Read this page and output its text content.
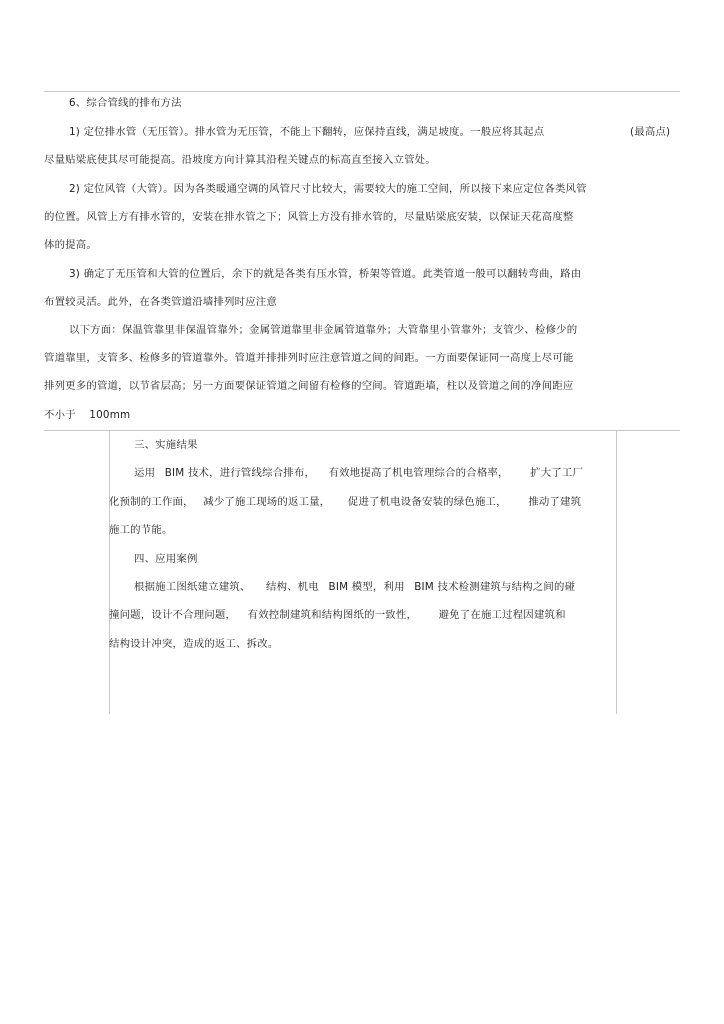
6、综合管线的排布方法
1) 定位排水管（无压管）。排水管为无压管，不能上下翻转，应保持直线，满足坡度。一般应将其起点	(最高点)
尽量贴梁底使其尽可能提高。沿坡度方向计算其沿程关键点的标高直至接入立管处。
2) 定位风管（大管）。因为各类暖通空调的风管尺寸比较大，需要较大的施工空间，所以接下来应定位各类风管
的位置。风管上方有排水管的，安装在排水管之下；风管上方没有排水管的，尽量贴梁底安装，以保证天花高度整
体的提高。
3) 确定了无压管和大管的位置后，余下的就是各类有压水管，桥架等管道。此类管道一般可以翻转弯曲，路由
布置较灵活。此外，在各类管道沿墙排列时应注意
以下方面：保温管靠里非保温管靠外；金属管道靠里非金属管道靠外；大管靠里小管靠外；支管少、检修少的
管道靠里，支管多、检修多的管道靠外。管道并排排列时应注意管道之间的间距。一方面要保证同一高度上尽可能
排列更多的管道，以节省层高；另一方面要保证管道之间留有检修的空间。管道距墙，柱以及管道之间的净间距应
不小于 100mm
三、实施结果
运用 BIM 技术，进行管线综合排布， 有效地提高了机电管理综合的合格率， 扩大了工厂
化预制的工作面， 减少了施工现场的返工量， 促进了机电设备安装的绿色施工， 推动了建筑
施工的节能。
四、应用案例
根据施工图纸建立建筑、 结构、机电 BIM 模型，利用 BIM 技术检测建筑与结构之间的碰
撞问题，设计不合理问题， 有效控制建筑和结构图纸的一致性， 避免了在施工过程因建筑和
结构设计冲突，造成的返工、拆改。
